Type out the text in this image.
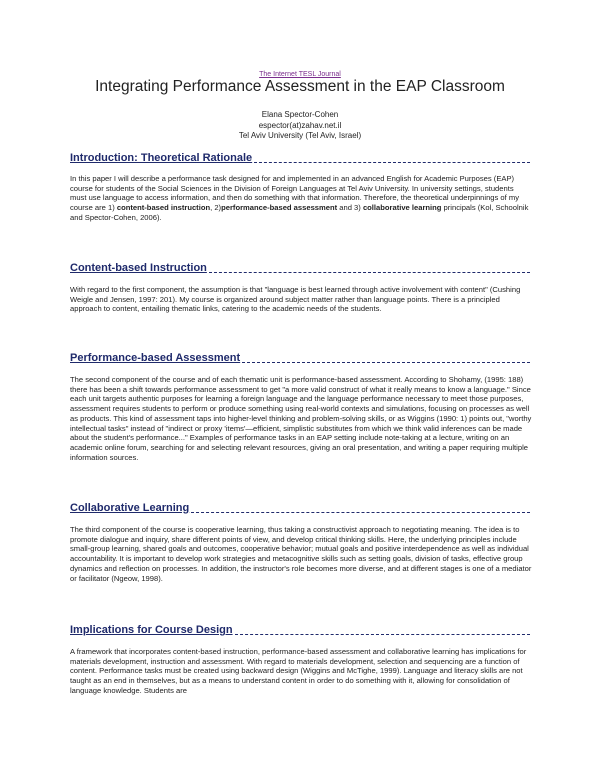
The Internet TESL Journal
Integrating Performance Assessment in the EAP Classroom
Elana Spector-Cohen
espector(at)zahav.net.il
Tel Aviv University (Tel Aviv, Israel)
Introduction: Theoretical Rationale

In this paper I will describe a performance task designed for and implemented in an advanced English for Academic Purposes (EAP) course for students of the Social Sciences in the Division of Foreign Languages at Tel Aviv University. In university settings, students must use language to access information, and then do something with that information. Therefore, the theoretical underpinnings of my course are 1) content-based instruction, 2)performance-based assessment and 3) collaborative learning principals (Kol, Schoolnik and Spector-Cohen, 2006).

Content-based Instruction

With regard to the first component, the assumption is that "language is best learned through active involvement with content" (Cushing Weigle and Jensen, 1997: 201). My course is organized around subject matter rather than language points. There is a principled approach to content, entailing thematic links, catering to the academic needs of the students.

Performance-based Assessment

The second component of the course and of each thematic unit is performance-based assessment. According to Shohamy, (1995: 188) there has been a shift towards performance assessment to get "a more valid construct of what it really means to know a language." Since each unit targets authentic purposes for learning a foreign language and the language performance necessary to meet those purposes, assessment requires students to perform or produce something using real-world contexts and simulations, focusing on processes as well as products. This kind of assessment taps into higher-level thinking and problem-solving skills, or as Wiggins (1990: 1) points out, "worthy intellectual tasks" instead of "indirect or proxy 'items'—efficient, simplistic substitutes from which we think valid inferences can be made about the student's performance..." Examples of performance tasks in an EAP setting include note-taking at a lecture, writing on an academic online forum, searching for and selecting relevant resources, giving an oral presentation, and writing a paper requiring multiple information sources.

Collaborative Learning

The third component of the course is cooperative learning, thus taking a constructivist approach to negotiating meaning. The idea is to promote dialogue and inquiry, share different points of view, and develop critical thinking skills. Here, the underlying principles include small-group learning, shared goals and outcomes, cooperative behavior; mutual goals and positive interdependence as well as individual accountability. It is important to develop work strategies and metacognitive skills such as setting goals, division of tasks, effective group dynamics and reflection on processes. In addition, the instructor's role becomes more diverse, and at different stages is one of a mediator or facilitator (Ngeow, 1998).

Implications for Course Design

A framework that incorporates content-based instruction, performance-based assessment and collaborative learning has implications for materials development, instruction and assessment. With regard to materials development, selection and sequencing are a function of content. Performance tasks must be created using backward design (Wiggins and McTighe, 1999). Language and literacy skills are not taught as an end in themselves, but as a means to understand content in order to do something with it, allowing for consolidation of language knowledge. Students are
